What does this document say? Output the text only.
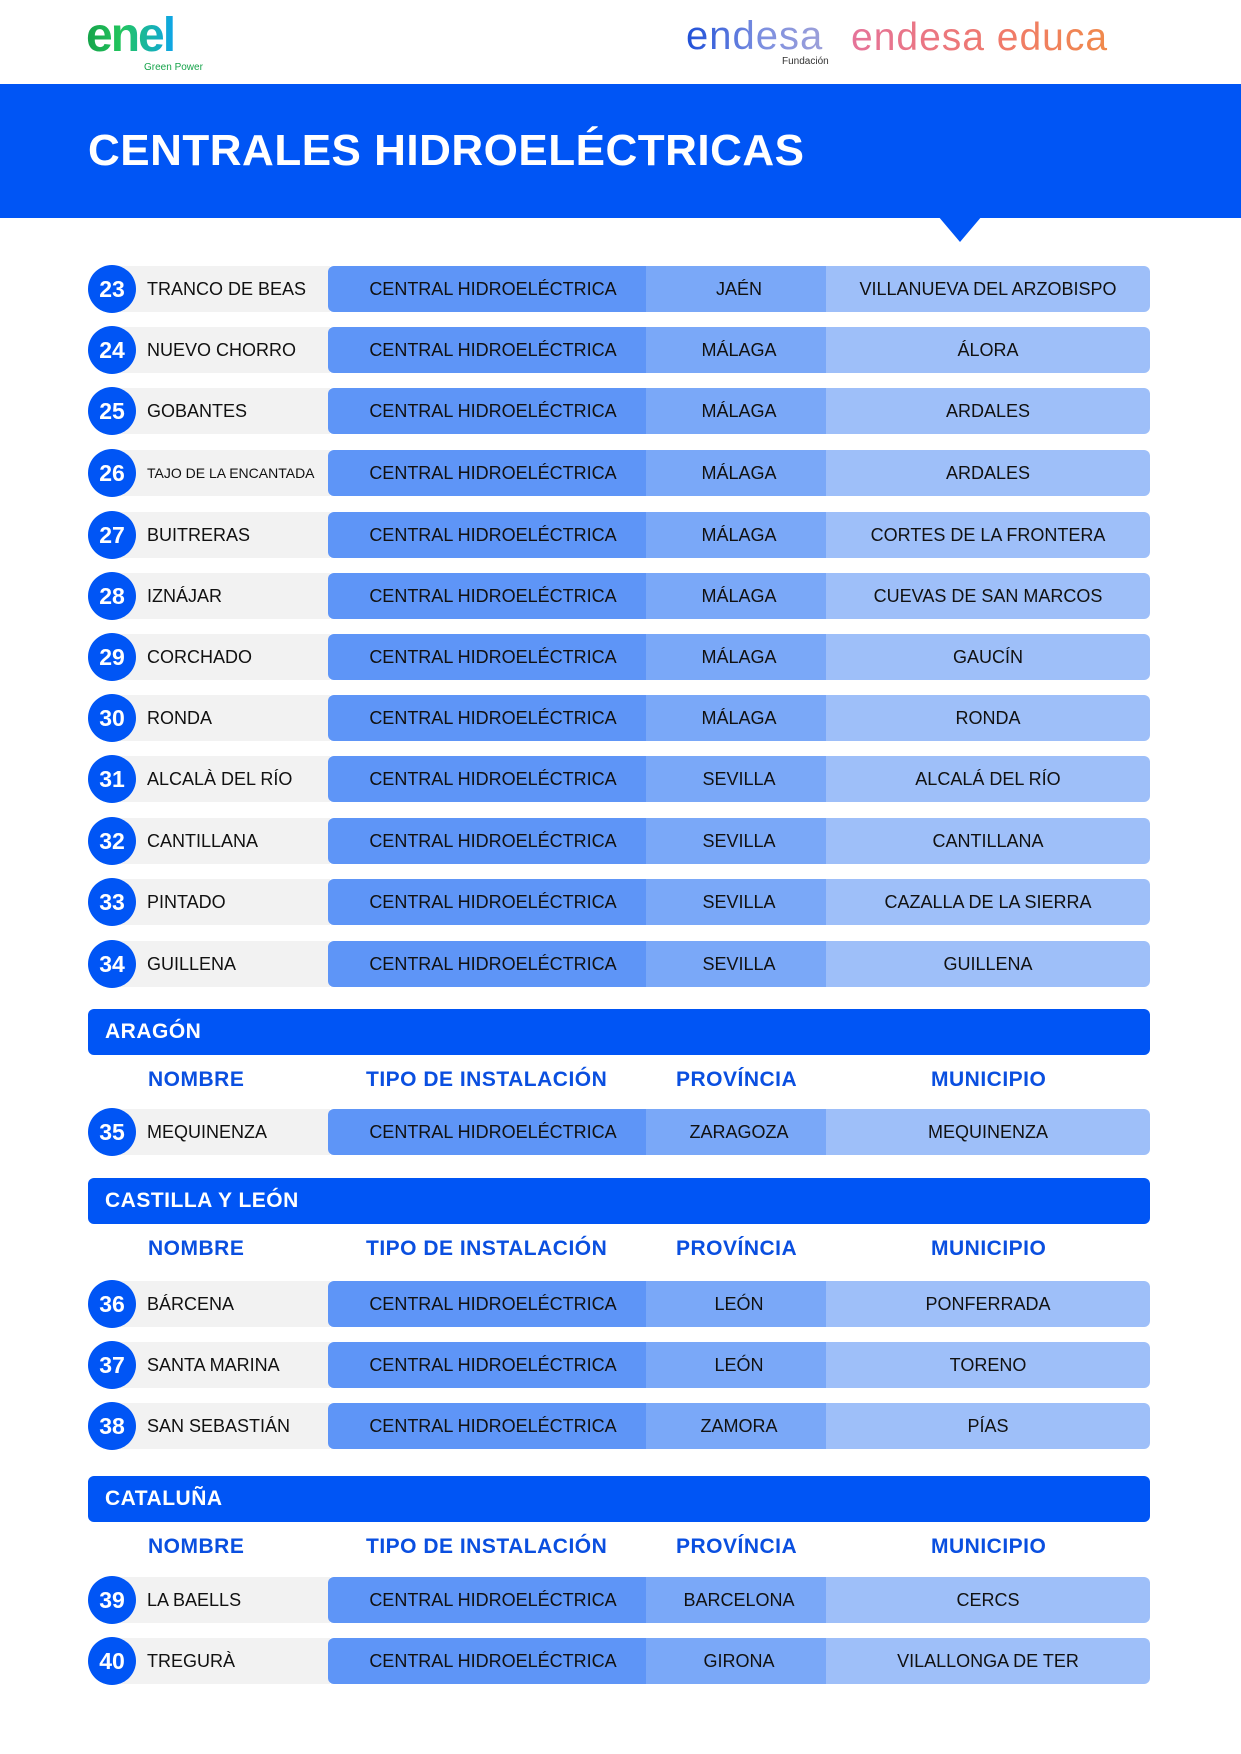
enel
Green Power
endesa
Fundación
endesa educa
CENTRALES HIDROELÉCTRICAS
23	TRANCO DE BEAS	CENTRAL HIDROELÉCTRICA	JAÉN	VILLANUEVA DEL ARZOBISPO
24	NUEVO CHORRO	CENTRAL HIDROELÉCTRICA	MÁLAGA	ÁLORA
25	GOBANTES	CENTRAL HIDROELÉCTRICA	MÁLAGA	ARDALES
26	TAJO DE LA ENCANTADA	CENTRAL HIDROELÉCTRICA	MÁLAGA	ARDALES
27	BUITRERAS	CENTRAL HIDROELÉCTRICA	MÁLAGA	CORTES DE LA FRONTERA
28	IZNÁJAR	CENTRAL HIDROELÉCTRICA	MÁLAGA	CUEVAS DE SAN MARCOS
29	CORCHADO	CENTRAL HIDROELÉCTRICA	MÁLAGA	GAUCÍN
30	RONDA	CENTRAL HIDROELÉCTRICA	MÁLAGA	RONDA
31	ALCALÀ DEL RÍO	CENTRAL HIDROELÉCTRICA	SEVILLA	ALCALÁ DEL RÍO
32	CANTILLANA	CENTRAL HIDROELÉCTRICA	SEVILLA	CANTILLANA
33	PINTADO	CENTRAL HIDROELÉCTRICA	SEVILLA	CAZALLA DE LA SIERRA
34	GUILLENA	CENTRAL HIDROELÉCTRICA	SEVILLA	GUILLENA
ARAGÓN
NOMBRE	TIPO DE INSTALACIÓN	PROVÍNCIA	MUNICIPIO
35	MEQUINENZA	CENTRAL HIDROELÉCTRICA	ZARAGOZA	MEQUINENZA
CASTILLA Y LEÓN
NOMBRE	TIPO DE INSTALACIÓN	PROVÍNCIA	MUNICIPIO
36	BÁRCENA	CENTRAL HIDROELÉCTRICA	LEÓN	PONFERRADA
37	SANTA MARINA	CENTRAL HIDROELÉCTRICA	LEÓN	TORENO
38	SAN SEBASTIÁN	CENTRAL HIDROELÉCTRICA	ZAMORA	PÍAS
CATALUÑA
NOMBRE	TIPO DE INSTALACIÓN	PROVÍNCIA	MUNICIPIO
39	LA BAELLS	CENTRAL HIDROELÉCTRICA	BARCELONA	CERCS
40	TREGURÀ	CENTRAL HIDROELÉCTRICA	GIRONA	VILALLONGA DE TER
